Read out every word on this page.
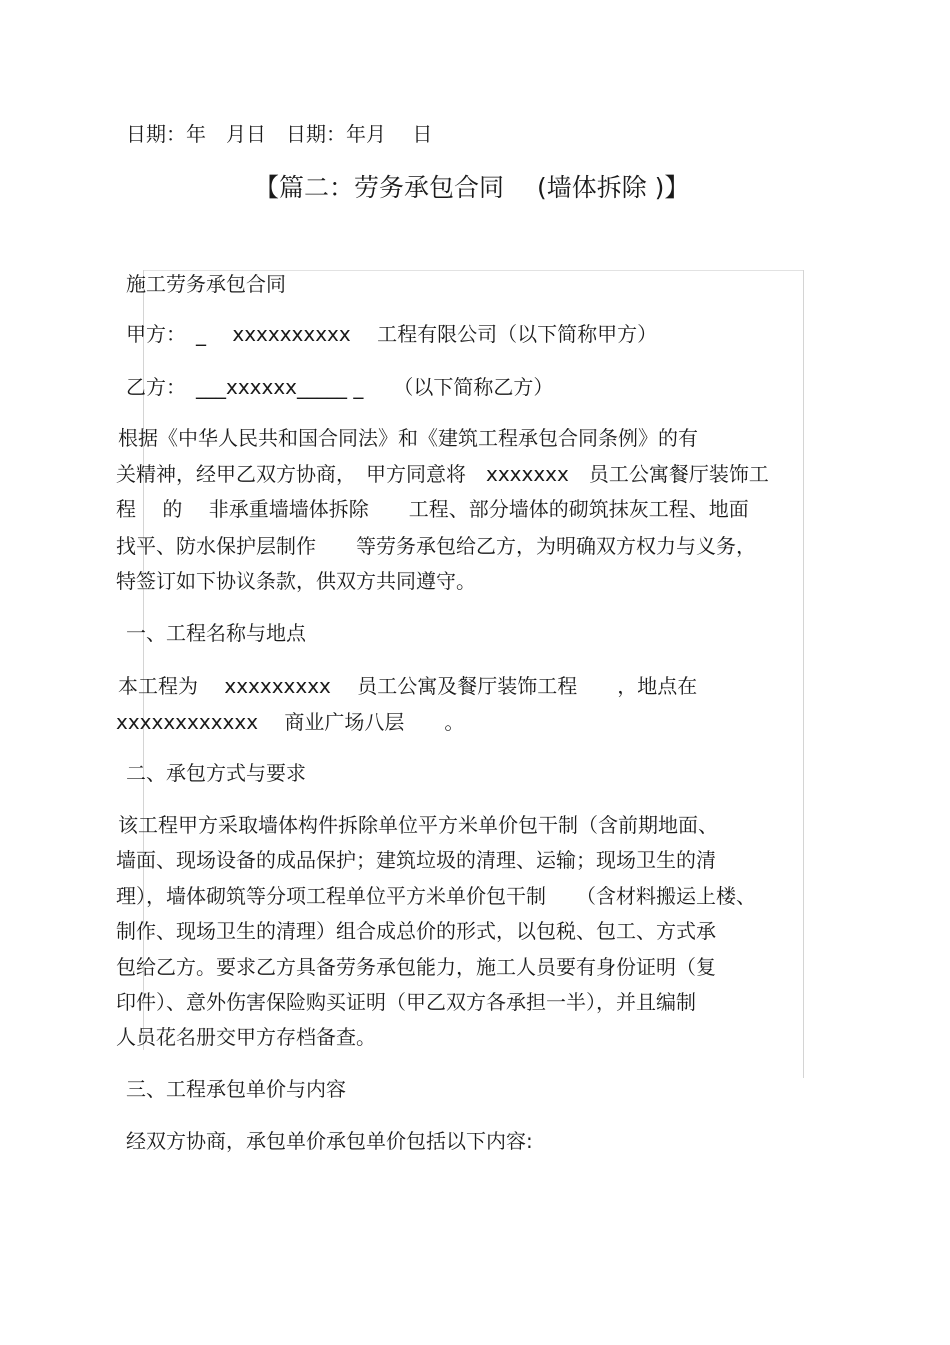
日期：年　月日　日期：年月　 日
【篇二：劳务承包合同　 (墙体拆除 )】
施工劳务承包合同
甲方：　_　 xxxxxxxxxx　 工程有限公司（以下简称甲方）
乙方：　___xxxxxx_____ _　　（以下简称乙方）
根据《中华人民共和国合同法》和《建筑工程承包合同条例》的有
关精神，经甲乙双方协商，　甲方同意将　xxxxxxx　员工公寓餐厅装饰工
程　 的　 非承重墙墙体拆除　　工程、部分墙体的砌筑抹灰工程、地面
找平、防水保护层制作　　等劳务承包给乙方，为明确双方权力与义务，
特签订如下协议条款，供双方共同遵守。
一、工程名称与地点
本工程为　 xxxxxxxxx　 员工公寓及餐厅装饰工程　　，地点在
xxxxxxxxxxxx　 商业广场八层　　。
二、承包方式与要求
该工程甲方采取墙体构件拆除单位平方米单价包干制（含前期地面、
墙面、现场设备的成品保护；建筑垃圾的清理、运输；现场卫生的清
理），墙体砌筑等分项工程单位平方米单价包干制　　（含材料搬运上楼、
制作、现场卫生的清理）组合成总价的形式，以包税、包工、方式承
包给乙方。要求乙方具备劳务承包能力，施工人员要有身份证明（复
印件）、意外伤害保险购买证明（甲乙双方各承担一半），并且编制
人员花名册交甲方存档备查。
三、工程承包单价与内容
经双方协商，承包单价承包单价包括以下内容:
